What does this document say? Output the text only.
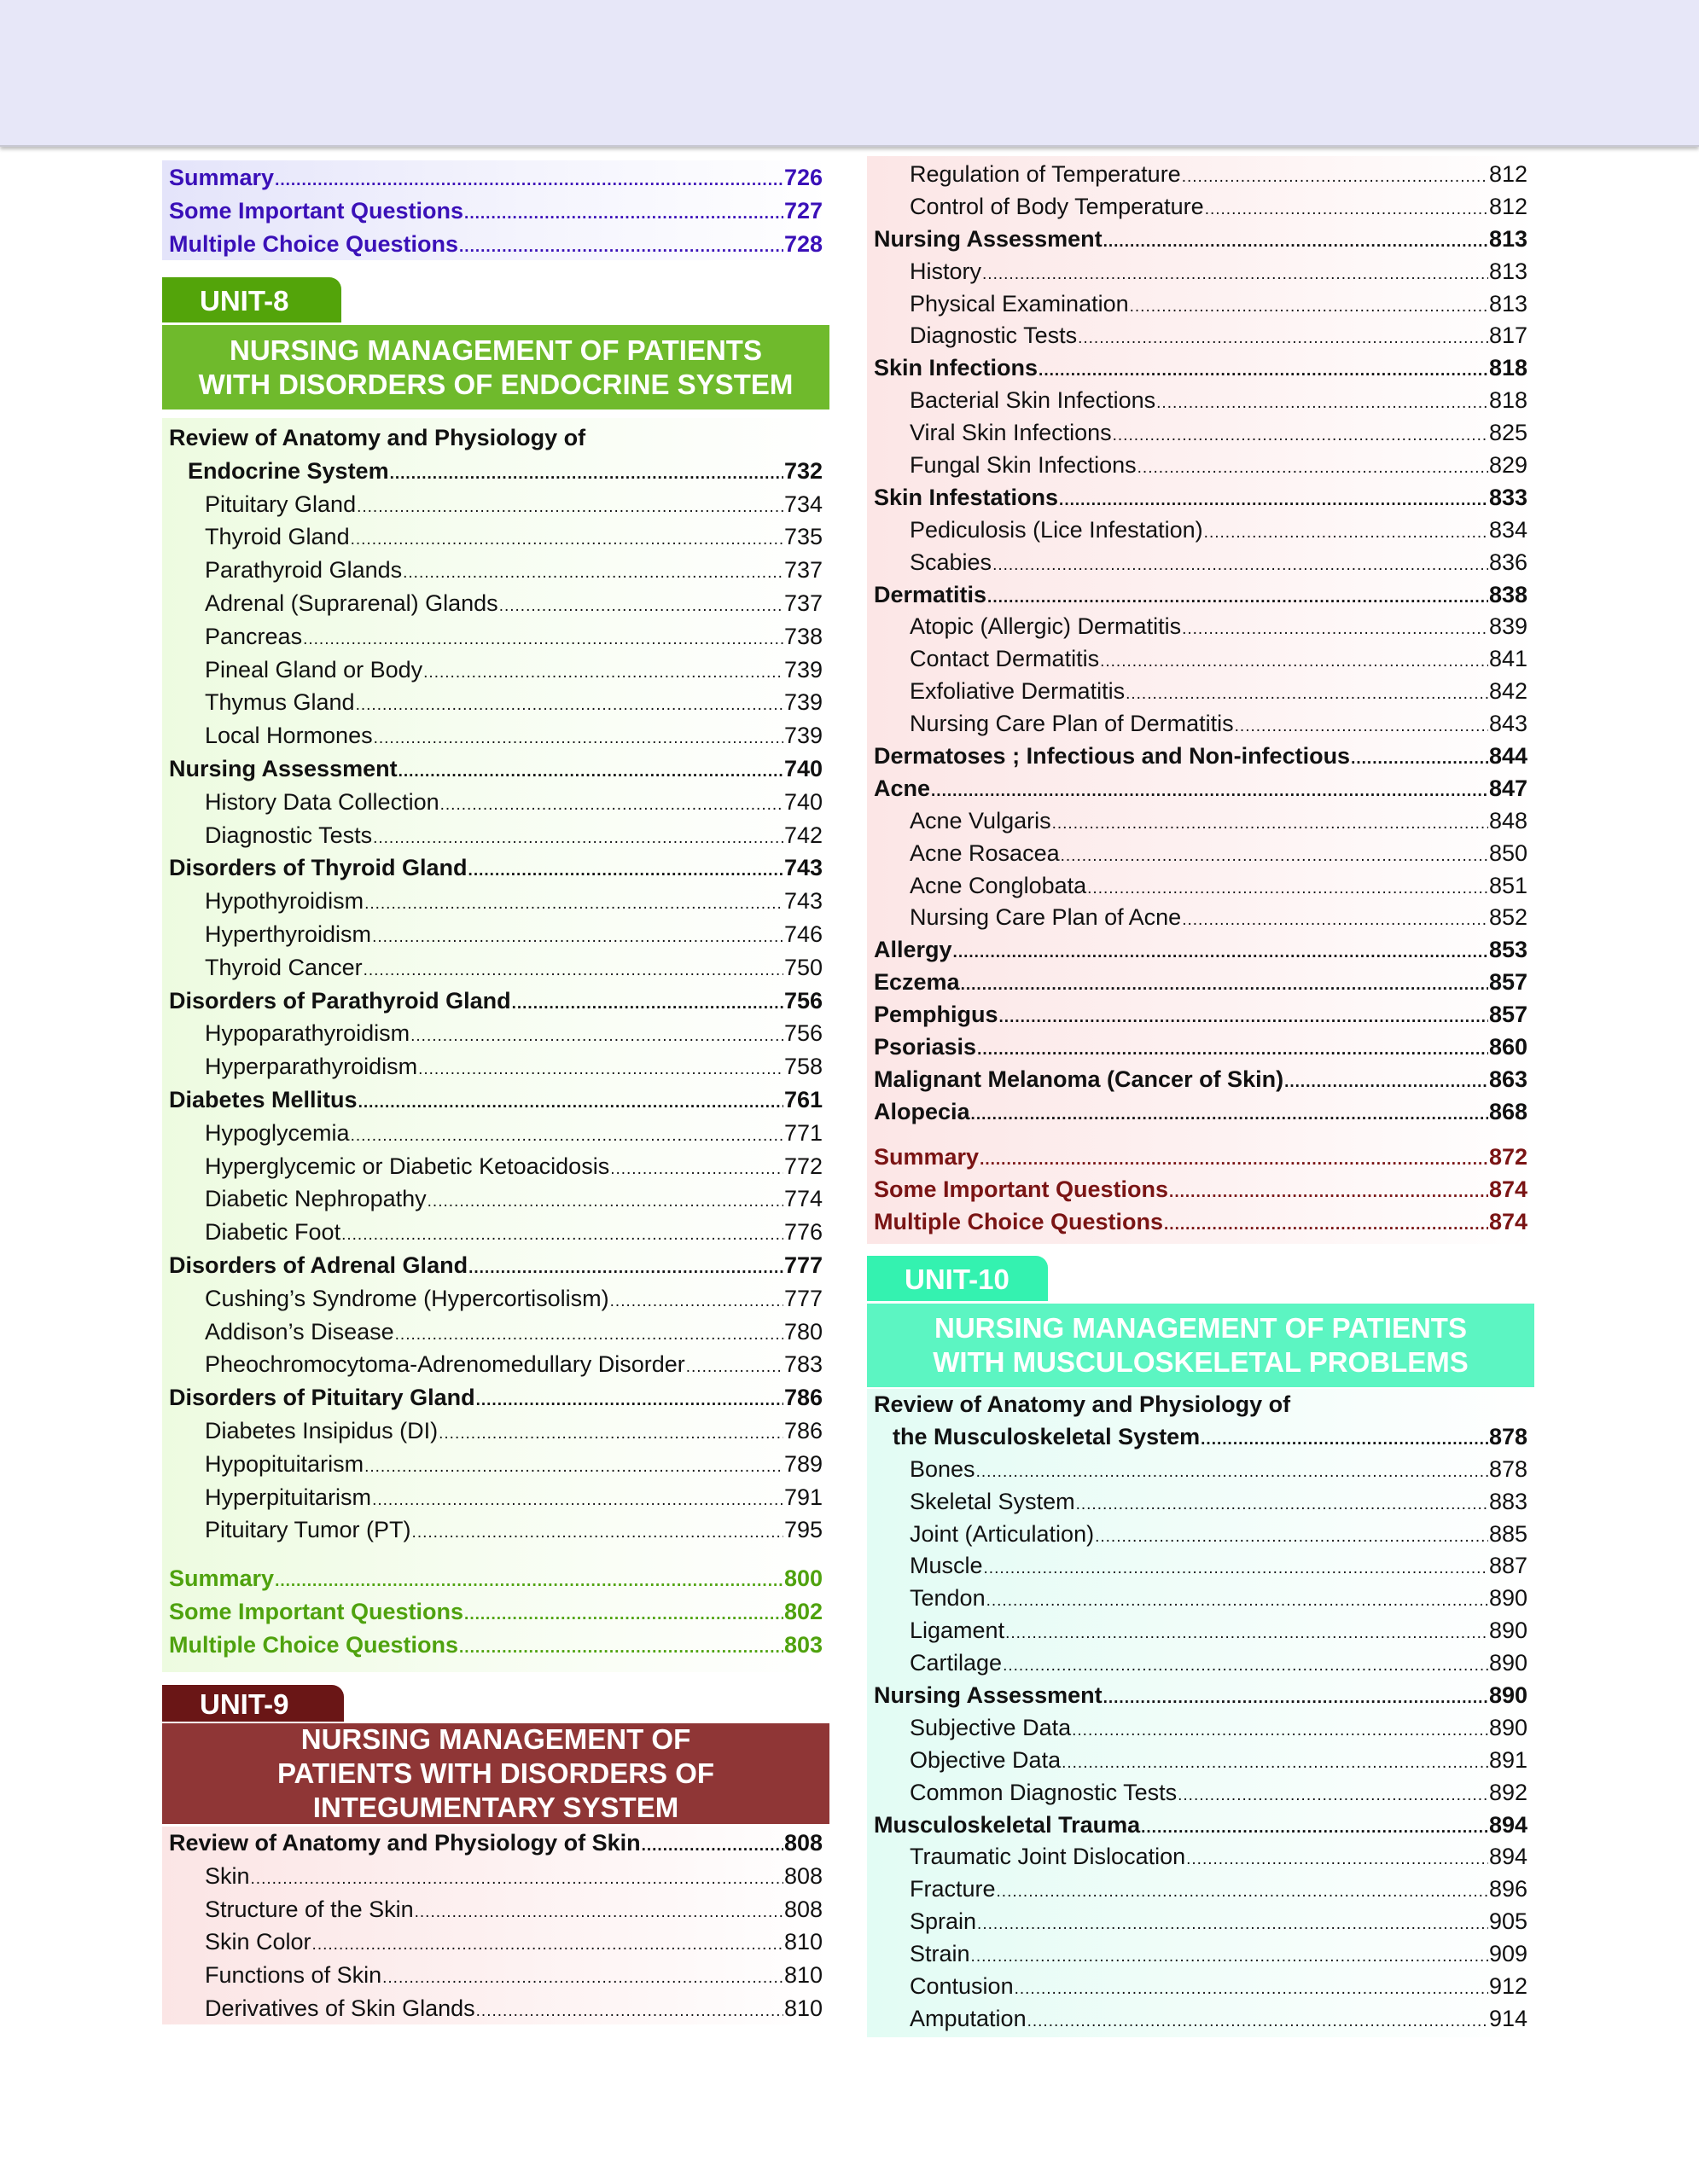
Summary .....	726
Some Important Questions .....	727
Multiple Choice Questions .....	728
UNIT-8
NURSING MANAGEMENT OF PATIENTS
WITH DISORDERS OF ENDOCRINE SYSTEM
Review of Anatomy and Physiology of
Endocrine System .....	732
Pituitary Gland .....	734
Thyroid Gland .....	735
Parathyroid Glands .....	737
Adrenal (Suprarenal) Glands .....	737
Pancreas .....	738
Pineal Gland or Body .....	739
Thymus Gland .....	739
Local Hormones .....	739
Nursing Assessment .....	740
History Data Collection .....	740
Diagnostic Tests .....	742
Disorders of Thyroid Gland .....	743
Hypothyroidism .....	743
Hyperthyroidism .....	746
Thyroid Cancer .....	750
Disorders of Parathyroid Gland .....	756
Hypoparathyroidism .....	756
Hyperparathyroidism .....	758
Diabetes Mellitus .....	761
Hypoglycemia .....	771
Hyperglycemic or Diabetic Ketoacidosis .....	772
Diabetic Nephropathy .....	774
Diabetic Foot .....	776
Disorders of Adrenal Gland .....	777
Cushing’s Syndrome (Hypercortisolism) .....	777
Addison’s Disease .....	780
Pheochromocytoma-Adrenomedullary Disorder .....	783
Disorders of Pituitary Gland .....	786
Diabetes Insipidus (DI) .....	786
Hypopituitarism .....	789
Hyperpituitarism .....	791
Pituitary Tumor (PT) .....	795
Summary .....	800
Some Important Questions .....	802
Multiple Choice Questions .....	803
UNIT-9
NURSING MANAGEMENT OF
PATIENTS WITH DISORDERS OF
INTEGUMENTARY SYSTEM
Review of Anatomy and Physiology of Skin .....	808
Skin .....	808
Structure of the Skin .....	808
Skin Color .....	810
Functions of Skin .....	810
Derivatives of Skin Glands .....	810
Regulation of Temperature .....	812
Control of Body Temperature .....	812
Nursing Assessment .....	813
History .....	813
Physical Examination .....	813
Diagnostic Tests .....	817
Skin Infections .....	818
Bacterial Skin Infections .....	818
Viral Skin Infections .....	825
Fungal Skin Infections .....	829
Skin Infestations .....	833
Pediculosis (Lice Infestation) .....	834
Scabies .....	836
Dermatitis .....	838
Atopic (Allergic) Dermatitis .....	839
Contact Dermatitis .....	841
Exfoliative Dermatitis .....	842
Nursing Care Plan of Dermatitis .....	843
Dermatoses ; Infectious and Non-infectious .....	844
Acne .....	847
Acne Vulgaris .....	848
Acne Rosacea .....	850
Acne Conglobata .....	851
Nursing Care Plan of Acne .....	852
Allergy .....	853
Eczema .....	857
Pemphigus .....	857
Psoriasis .....	860
Malignant Melanoma (Cancer of Skin) .....	863
Alopecia .....	868
Summary .....	872
Some Important Questions .....	874
Multiple Choice Questions .....	874
UNIT-10
NURSING MANAGEMENT OF PATIENTS
WITH MUSCULOSKELETAL PROBLEMS
Review of Anatomy and Physiology of
the Musculoskeletal System .....	878
Bones .....	878
Skeletal System .....	883
Joint (Articulation) .....	885
Muscle .....	887
Tendon .....	890
Ligament .....	890
Cartilage .....	890
Nursing Assessment .....	890
Subjective Data .....	890
Objective Data .....	891
Common Diagnostic Tests .....	892
Musculoskeletal Trauma .....	894
Traumatic Joint Dislocation .....	894
Fracture .....	896
Sprain .....	905
Strain .....	909
Contusion .....	912
Amputation .....	914
